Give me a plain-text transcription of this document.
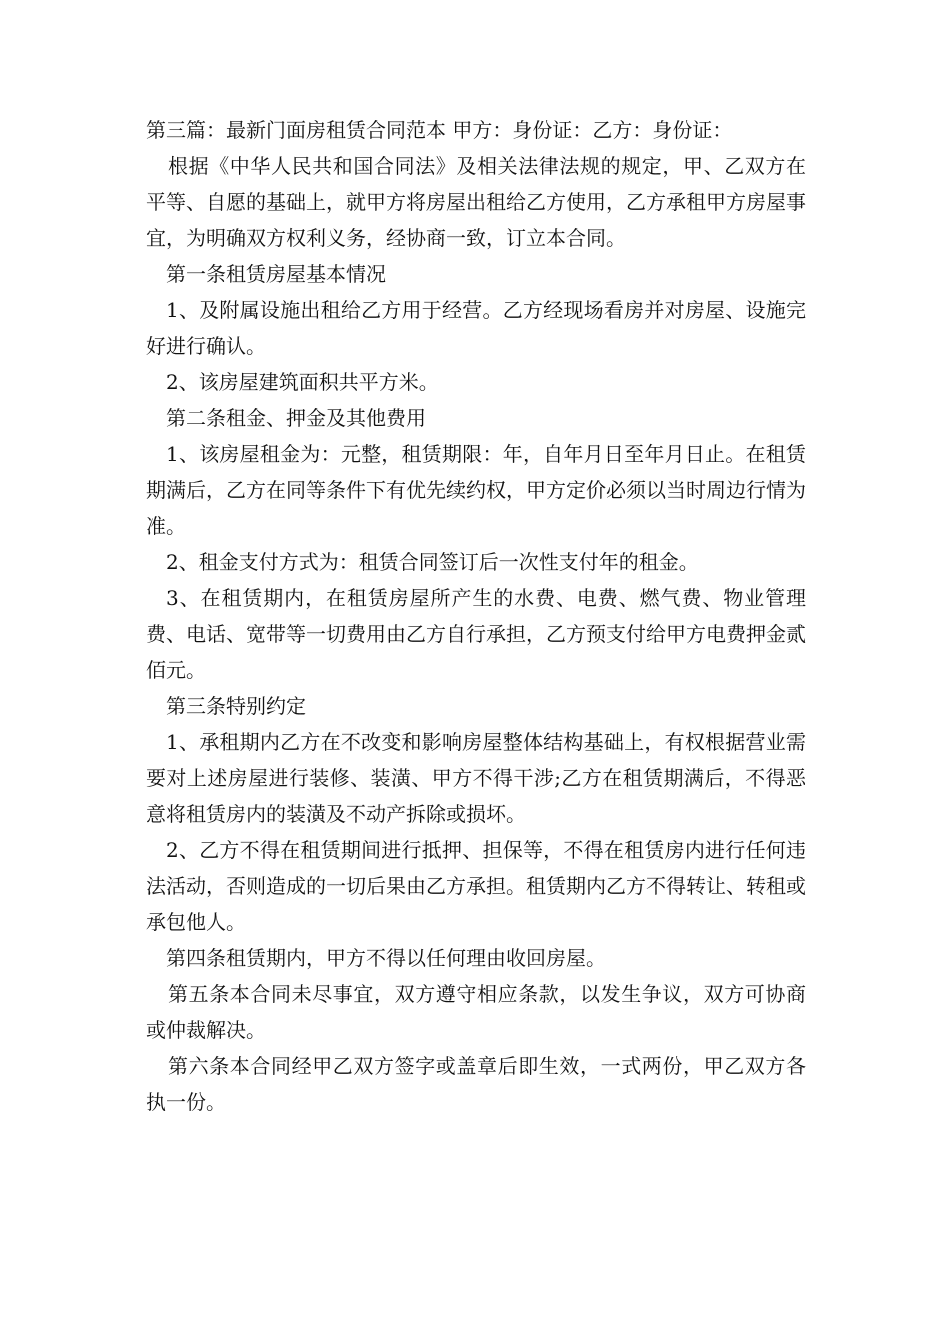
第三篇：最新门面房租赁合同范本 甲方：身份证：乙方：身份证：

根据《中华人民共和国合同法》及相关法律法规的规定，甲、乙双方在平等、自愿的基础上，就甲方将房屋出租给乙方使用，乙方承租甲方房屋事宜，为明确双方权利义务，经协商一致，订立本合同。

第一条租赁房屋基本情况

1、及附属设施出租给乙方用于经营。乙方经现场看房并对房屋、设施完好进行确认。

2、该房屋建筑面积共平方米。

第二条租金、押金及其他费用

1、该房屋租金为：元整，租赁期限：年，自年月日至年月日止。在租赁期满后，乙方在同等条件下有优先续约权，甲方定价必须以当时周边行情为准。

2、租金支付方式为：租赁合同签订后一次性支付年的租金。

3、在租赁期内，在租赁房屋所产生的水费、电费、燃气费、物业管理费、电话、宽带等一切费用由乙方自行承担，乙方预支付给甲方电费押金贰佰元。

第三条特别约定

1、承租期内乙方在不改变和影响房屋整体结构基础上，有权根据营业需要对上述房屋进行装修、装潢、甲方不得干涉;乙方在租赁期满后，不得恶意将租赁房内的装潢及不动产拆除或损坏。

2、乙方不得在租赁期间进行抵押、担保等，不得在租赁房内进行任何违法活动，否则造成的一切后果由乙方承担。租赁期内乙方不得转让、转租或承包他人。

第四条租赁期内，甲方不得以任何理由收回房屋。

第五条本合同未尽事宜，双方遵守相应条款，以发生争议，双方可协商或仲裁解决。

第六条本合同经甲乙双方签字或盖章后即生效，一式两份，甲乙双方各执一份。
